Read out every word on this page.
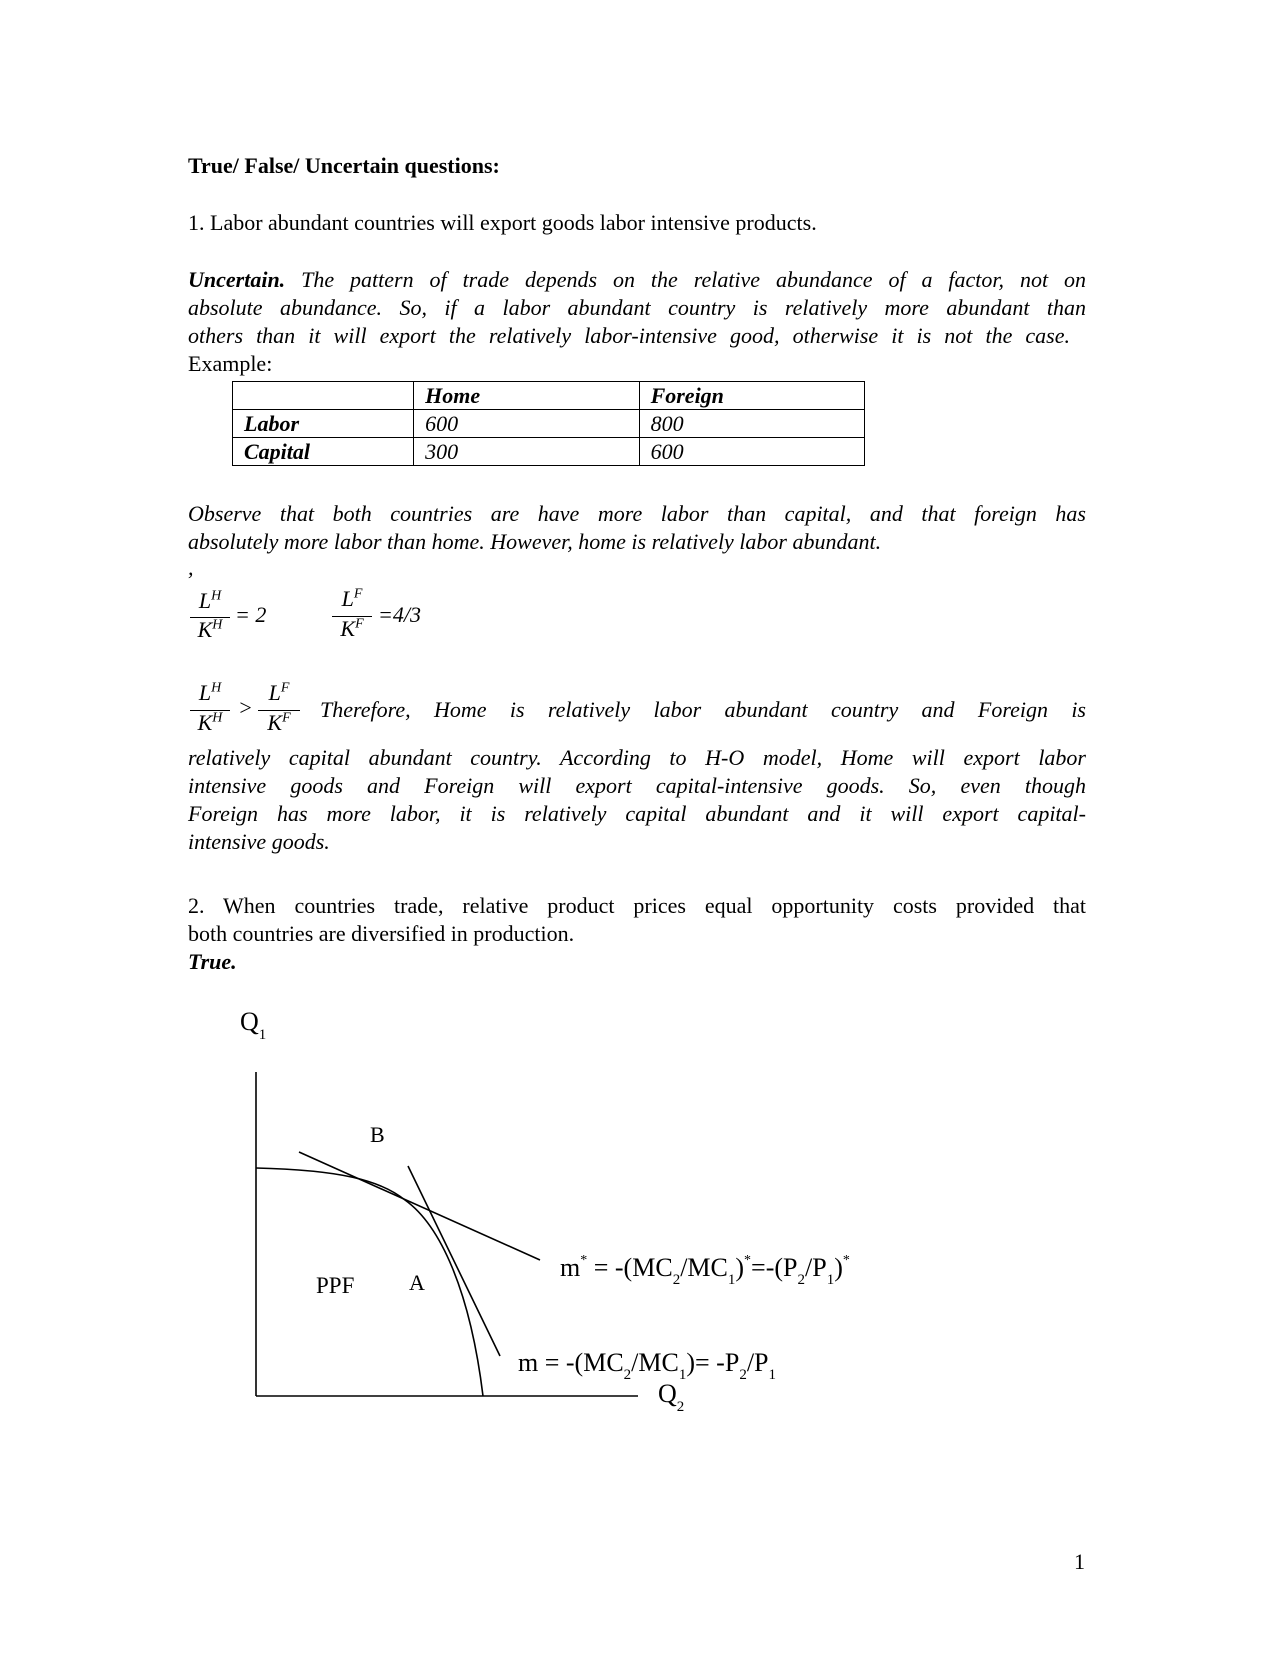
True/ False/ Uncertain questions:
1. Labor abundant countries will export goods labor intensive products.
Uncertain. The pattern of trade depends on the relative abundance of a factor, not on
absolute abundance. So, if a labor abundant country is relatively more abundant than
others than it will export the relatively labor-intensive good, otherwise it is not the case.
Example:
	Home	Foreign
Labor	600	800
Capital	300	600
Observe that both countries are have more labor than capital, and that foreign has
absolutely more labor than home. However, home is relatively labor abundant.
,
$L^H$
$K^H = 2$
$L^F$
$K^F =4/3$
$L^H$
$K^H$ >
$L^F$
$K^F$	Therefore, Home is relatively labor abundant country and Foreign is
relatively capital abundant country. According to H-O model, Home will export labor
intensive goods and Foreign will export capital-intensive goods. So, even though
Foreign has more labor, it is relatively capital abundant and it will export capital-
intensive goods.
2. When countries trade, relative product prices equal opportunity costs provided that
both countries are diversified in production.
True.
$Q_1$
$Q_2$
B
A
PPF
$m^* = -(MC_2/MC_1)^*=-(P_2/P_1)^*$
$m = -(MC_2/MC_1)= -P_2/P_1$
1
